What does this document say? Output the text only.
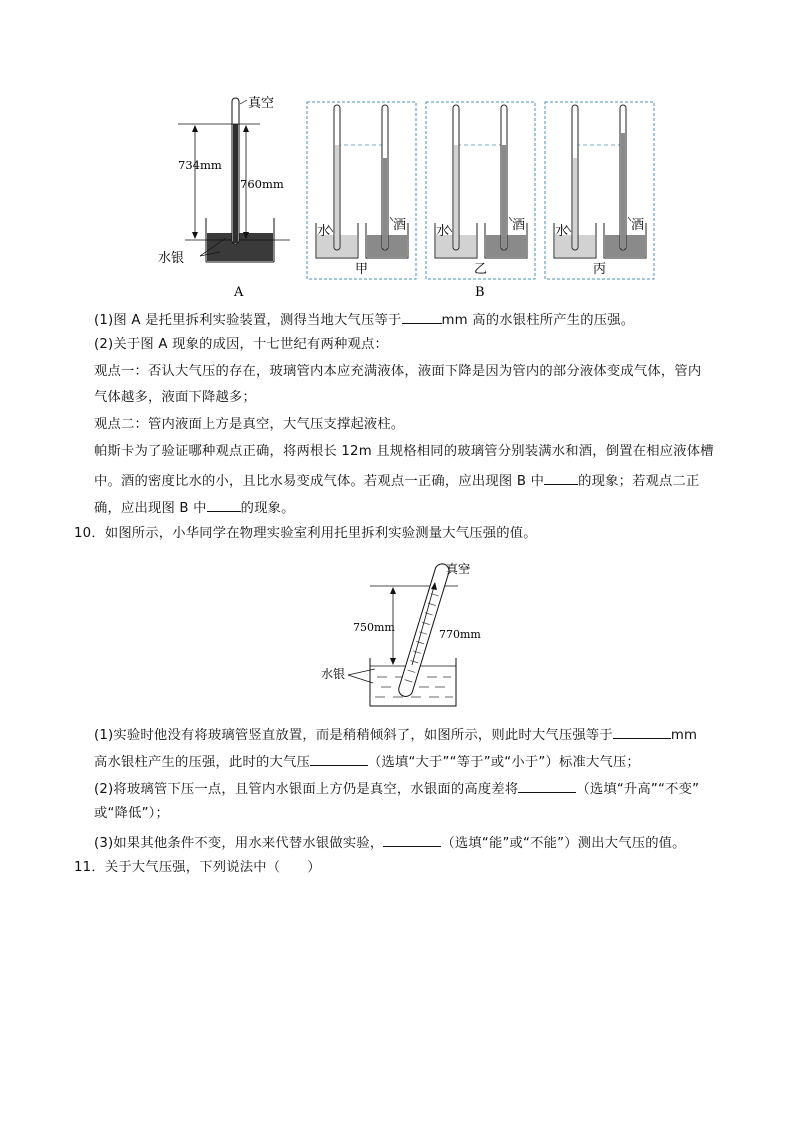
真空
734mm
760mm
水银
A
水	酒 水	酒 水	酒
甲	乙	丙
B
(1)图 A 是托里拆利实验装置，测得当地大气压等于	mm 高的水银柱所产生的压强。
(2)关于图 A 现象的成因，十七世纪有两种观点：
观点一：否认大气压的存在，玻璃管内本应充满液体，液面下降是因为管内的部分液体变成气体，管内
气体越多，液面下降越多；
观点二：管内液面上方是真空，大气压支撑起液柱。
帕斯卡为了验证哪种观点正确，将两根长 12m 且规格相同的玻璃管分别装满水和酒，倒置在相应液体槽
中。酒的密度比水的小，且比水易变成气体。若观点一正确，应出现图 B 中	的现象；若观点二正
确，应出现图 B 中	的现象。
10．如图所示，小华同学在物理实验室利用托里拆利实验测量大气压强的值。
真空
750mm
770mm
水银
(1)实验时他没有将玻璃管竖直放置，而是稍稍倾斜了，如图所示，则此时大气压强等于	mm
高水银柱产生的压强，此时的大气压	（选填“大于”“等于”或“小于”）标准大气压；
(2)将玻璃管下压一点，且管内水银面上方仍是真空，水银面的高度差将	（选填“升高”“不变”
或“降低”）；
(3)如果其他条件不变，用水来代替水银做实验，	（选填“能”或“不能”）测出大气压的值。
11．关于大气压强，下列说法中（　　）
